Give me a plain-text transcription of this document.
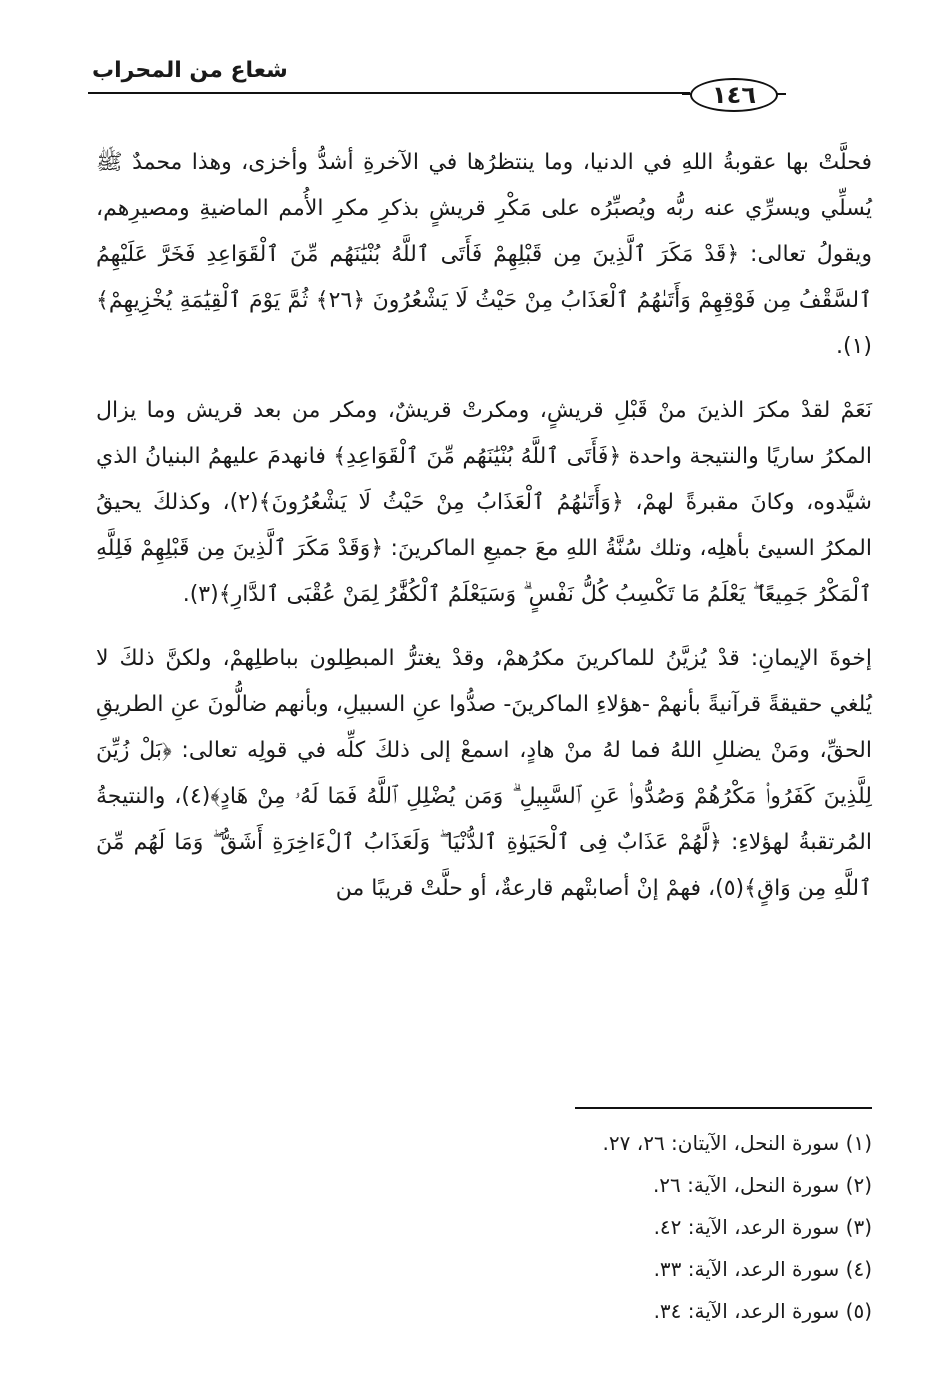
شعاع من المحراب
١٤٦

فحلَّتْ بها عقوبةُ اللهِ في الدنيا، وما ينتظرُها في الآخرةِ أشدُّ وأخزى، وهذا محمدٌ ﷺ يُسلِّي ويسرِّي عنه ربُّه ويُصبِّرُه على مَكْرِ قريشٍ بذكرِ مكرِ الأُمم الماضيةِ ومصيرِهم، ويقولُ تعالى: ﴿قَدْ مَكَرَ ٱلَّذِينَ مِن قَبْلِهِمْ فَأَتَى ٱللَّهُ بُنْيَٰنَهُم مِّنَ ٱلْقَوَاعِدِ فَخَرَّ عَلَيْهِمُ ٱلسَّقْفُ مِن فَوْقِهِمْ وَأَتَىٰهُمُ ٱلْعَذَابُ مِنْ حَيْثُ لَا يَشْعُرُونَ ﴿٢٦﴾ ثُمَّ يَوْمَ ٱلْقِيَٰمَةِ يُخْزِيهِمْ﴾(١).

نَعَمْ لقدْ مكرَ الذينَ منْ قَبْلِ قريشٍ، ومكرتْ قريشٌ، ومكر من بعد قريش وما يزال المكرُ ساريًا والنتيجة واحدة ﴿فَأَتَى ٱللَّهُ بُنْيَٰنَهُم مِّنَ ٱلْقَوَاعِدِ﴾ فانهدمَ عليهمُ البنيانُ الذي شيَّدوه، وكانَ مقبرةً لهمْ، ﴿وَأَتَىٰهُمُ ٱلْعَذَابُ مِنْ حَيْثُ لَا يَشْعُرُونَ﴾(٢)، وكذلكَ يحيقُ المكرُ السيئ بأهلِه، وتلك سُنَّةُ اللهِ معَ جميعِ الماكرينَ: ﴿وَقَدْ مَكَرَ ٱلَّذِينَ مِن قَبْلِهِمْ فَلِلَّهِ ٱلْمَكْرُ جَمِيعًا ۖ يَعْلَمُ مَا تَكْسِبُ كُلُّ نَفْسٍ ۗ وَسَيَعْلَمُ ٱلْكُفَّٰرُ لِمَنْ عُقْبَى ٱلدَّارِ﴾(٣).

إخوةَ الإيمانِ: قدْ يُزيَّنُ للماكرينَ مكرُهمْ، وقدْ يغترُّ المبطِلون بباطلِهمْ، ولكنَّ ذلكَ لا يُلغي حقيقةً قرآنيةً بأنهمْ -هؤلاءِ الماكرينَ- صدُّوا عنِ السبيلِ، وبأنهم ضالُّونَ عنِ الطريقِ الحقِّ، ومَنْ يضللِ اللهُ فما لهُ منْ هادٍ، اسمعْ إلى ذلكَ كلِّه في قولِه تعالى: ﴿بَلْ زُيِّنَ لِلَّذِينَ كَفَرُوا۟ مَكْرُهُمْ وَصُدُّوا۟ عَنِ ٱلسَّبِيلِ ۗ وَمَن يُضْلِلِ ٱللَّهُ فَمَا لَهُۥ مِنْ هَادٍ﴾(٤)، والنتيجةُ المُرتقبةُ لهؤلاءِ: ﴿لَّهُمْ عَذَابٌ فِى ٱلْحَيَوٰةِ ٱلدُّنْيَا ۖ وَلَعَذَابُ ٱلْءَاخِرَةِ أَشَقُّ ۖ وَمَا لَهُم مِّنَ ٱللَّهِ مِن وَاقٍ﴾(٥)، فهمْ إنْ أصابتْهم قارعةٌ، أو حلَّتْ قريبًا من

(١) سورة النحل، الآيتان: ٢٦، ٢٧.
(٢) سورة النحل، الآية: ٢٦.
(٣) سورة الرعد، الآية: ٤٢.
(٤) سورة الرعد، الآية: ٣٣.
(٥) سورة الرعد، الآية: ٣٤.
